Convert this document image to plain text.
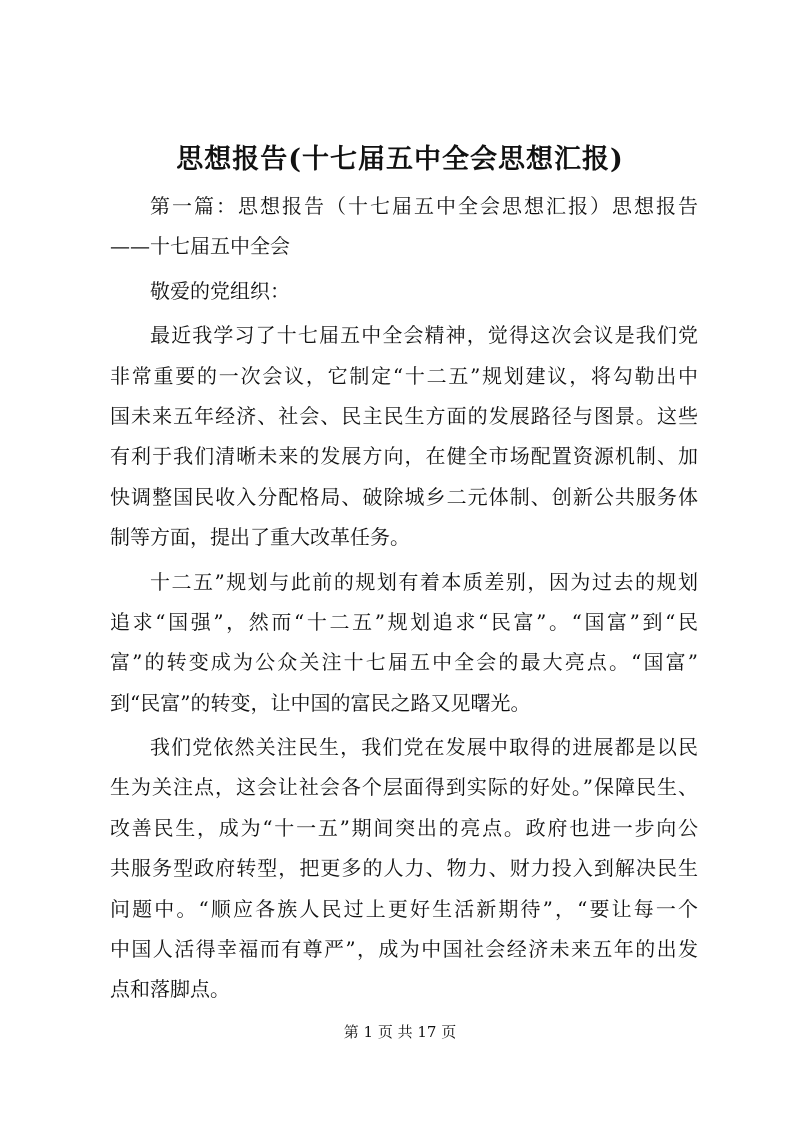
思想报告(十七届五中全会思想汇报)
第一篇：思想报告（十七届五中全会思想汇报）思想报告
——十七届五中全会
敬爱的党组织：
最近我学习了十七届五中全会精神，觉得这次会议是我们党
非常重要的一次会议，它制定“十二五”规划建议，将勾勒出中
国未来五年经济、社会、民主民生方面的发展路径与图景。这些
有利于我们清晰未来的发展方向，在健全市场配置资源机制、加
快调整国民收入分配格局、破除城乡二元体制、创新公共服务体
制等方面，提出了重大改革任务。
十二五”规划与此前的规划有着本质差别，因为过去的规划
追求“国强”，然而“十二五”规划追求“民富”。“国富”到“民
富”的转变成为公众关注十七届五中全会的最大亮点。“国富”
到“民富”的转变，让中国的富民之路又见曙光。
我们党依然关注民生，我们党在发展中取得的进展都是以民
生为关注点，这会让社会各个层面得到实际的好处。”保障民生、
改善民生，成为“十一五”期间突出的亮点。政府也进一步向公
共服务型政府转型，把更多的人力、物力、财力投入到解决民生
问题中。“顺应各族人民过上更好生活新期待”，“要让每一个
中国人活得幸福而有尊严”，成为中国社会经济未来五年的出发
点和落脚点。
第 1 页 共 17 页
